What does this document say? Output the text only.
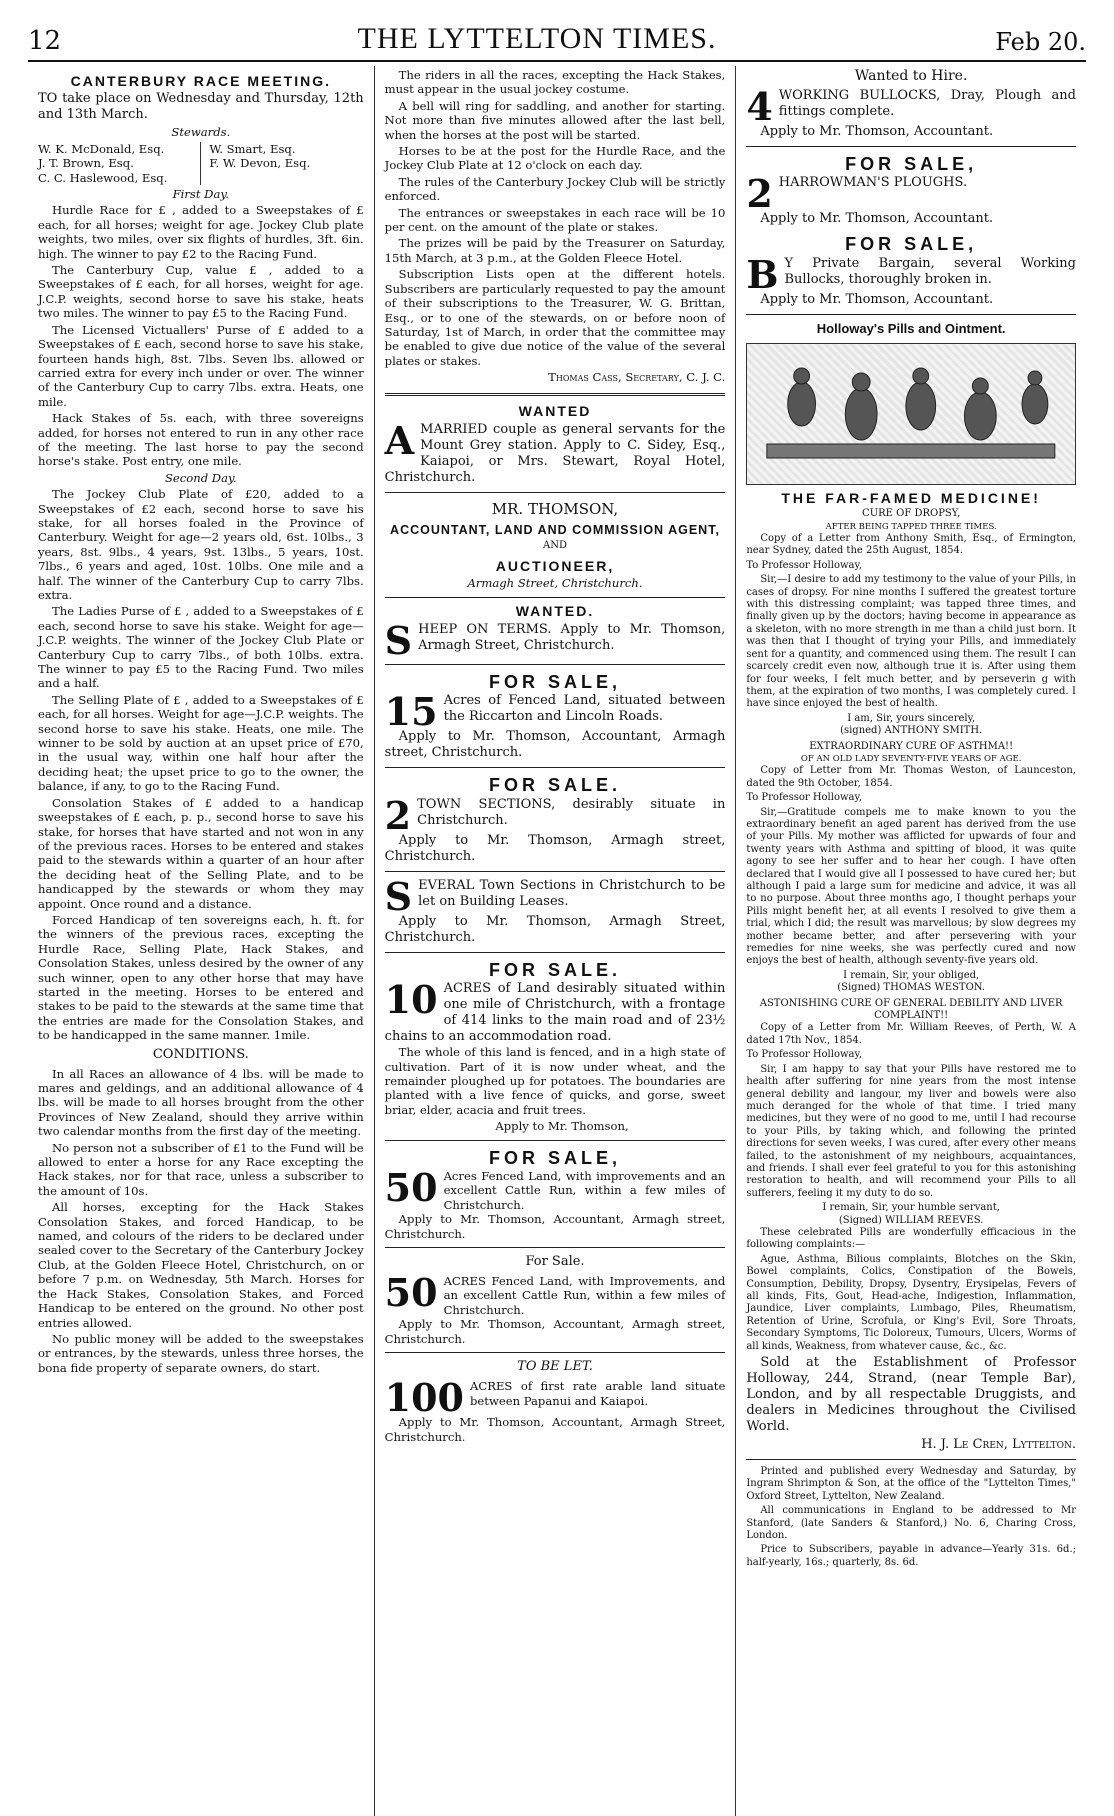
12	THE LYTTELTON TIMES.	Feb 20.
CANTERBURY RACE MEETING.

TO take place on Wednesday and Thursday, 12th and 13th March.

Stewards.
W. K. McDonald, Esq.
J. T. Brown, Esq.
C. C. Haslewood, Esq.
W. Smart, Esq.
F. W. Devon, Esq.
First Day.

Hurdle Race for £ , added to a Sweepstakes of £ each, for all horses; weight for age. Jockey Club plate weights, two miles, over six flights of hurdles, 3ft. 6in. high. The winner to pay £2 to the Racing Fund.

The Canterbury Cup, value £ , added to a Sweepstakes of £ each, for all horses, weight for age. J.C.P. weights, second horse to save his stake, heats two miles. The winner to pay £5 to the Racing Fund.

The Licensed Victuallers' Purse of £ added to a Sweepstakes of £ each, second horse to save his stake, fourteen hands high, 8st. 7lbs. Seven lbs. allowed or carried extra for every inch under or over. The winner of the Canterbury Cup to carry 7lbs. extra. Heats, one mile.

Hack Stakes of 5s. each, with three sovereigns added, for horses not entered to run in any other race of the meeting. The last horse to pay the second horse's stake. Post entry, one mile.

Second Day.

The Jockey Club Plate of £20, added to a Sweepstakes of £2 each, second horse to save his stake, for all horses foaled in the Province of Canterbury. Weight for age—2 years old, 6st. 10lbs., 3 years, 8st. 9lbs., 4 years, 9st. 13lbs., 5 years, 10st. 7lbs., 6 years and aged, 10st. 10lbs. One mile and a half. The winner of the Canterbury Cup to carry 7lbs. extra.

The Ladies Purse of £ , added to a Sweepstakes of £ each, second horse to save his stake. Weight for age—J.C.P. weights. The winner of the Jockey Club Plate or Canterbury Cup to carry 7lbs., of both 10lbs. extra. The winner to pay £5 to the Racing Fund. Two miles and a half.

The Selling Plate of £ , added to a Sweepstakes of £ each, for all horses. Weight for age—J.C.P. weights. The second horse to save his stake. Heats, one mile. The winner to be sold by auction at an upset price of £70, in the usual way, within one half hour after the deciding heat; the upset price to go to the owner, the balance, if any, to go to the Racing Fund.

Consolation Stakes of £ added to a handicap sweepstakes of £ each, p. p., second horse to save his stake, for horses that have started and not won in any of the previous races. Horses to be entered and stakes paid to the stewards within a quarter of an hour after the deciding heat of the Selling Plate, and to be handicapped by the stewards or whom they may appoint. Once round and a distance.

Forced Handicap of ten sovereigns each, h. ft. for the winners of the previous races, excepting the Hurdle Race, Selling Plate, Hack Stakes, and Consolation Stakes, unless desired by the owner of any such winner, open to any other horse that may have started in the meeting. Horses to be entered and stakes to be paid to the stewards at the same time that the entries are made for the Consolation Stakes, and to be handicapped in the same manner. 1mile.

CONDITIONS.

In all Races an allowance of 4 lbs. will be made to mares and geldings, and an additional allowance of 4 lbs. will be made to all horses brought from the other Provinces of New Zealand, should they arrive within two calendar months from the first day of the meeting.

No person not a subscriber of £1 to the Fund will be allowed to enter a horse for any Race excepting the Hack stakes, nor for that race, unless a subscriber to the amount of 10s.

All horses, excepting for the Hack Stakes Consolation Stakes, and forced Handicap, to be named, and colours of the riders to be declared under sealed cover to the Secretary of the Canterbury Jockey Club, at the Golden Fleece Hotel, Christchurch, on or before 7 p.m. on Wednesday, 5th March. Horses for the Hack Stakes, Consolation Stakes, and Forced Handicap to be entered on the ground. No other post entries allowed.

No public money will be added to the sweepstakes or entrances, by the stewards, unless three horses, the bona fide property of separate owners, do start.

The riders in all the races, excepting the Hack Stakes, must appear in the usual jockey costume.

A bell will ring for saddling, and another for starting. Not more than five minutes allowed after the last bell, when the horses at the post will be started.

Horses to be at the post for the Hurdle Race, and the Jockey Club Plate at 12 o'clock on each day.

The rules of the Canterbury Jockey Club will be strictly enforced.

The entrances or sweepstakes in each race will be 10 per cent. on the amount of the plate or stakes.

The prizes will be paid by the Treasurer on Saturday, 15th March, at 3 p.m., at the Golden Fleece Hotel.

Subscription Lists open at the different hotels. Subscribers are particularly requested to pay the amount of their subscriptions to the Treasurer, W. G. Brittan, Esq., or to one of the stewards, on or before noon of Saturday, 1st of March, in order that the committee may be enabled to give due notice of the value of the several plates or stakes.

Thomas Cass, Secretary, C. J. C.
WANTED
A MARRIED couple as general servants for the Mount Grey station. Apply to C. Sidey, Esq., Kaiapoi, or Mrs. Stewart, Royal Hotel, Christchurch.
MR. THOMSON,
ACCOUNTANT, LAND AND COMMISSION AGENT,
AND
AUCTIONEER,
Armagh Street, Christchurch.
WANTED.
S HEEP ON TERMS. Apply to Mr. Thomson, Armagh Street, Christchurch.
FOR SALE,
15 Acres of Fenced Land, situated between the Riccarton and Lincoln Roads.

Apply to Mr. Thomson, Accountant, Armagh street, Christchurch.

FOR SALE.
2 TOWN SECTIONS, desirably situate in Christchurch.

Apply to Mr. Thomson, Armagh street, Christchurch.

S EVERAL Town Sections in Christchurch to be let on Building Leases.

Apply to Mr. Thomson, Armagh Street, Christchurch.

FOR SALE.
10 ACRES of Land desirably situated within one mile of Christchurch, with a frontage of 414 links to the main road and of 23½ chains to an accommodation road.

The whole of this land is fenced, and in a high state of cultivation. Part of it is now under wheat, and the remainder ploughed up for potatoes. The boundaries are planted with a live fence of quicks, and gorse, sweet briar, elder, acacia and fruit trees.

Apply to Mr. Thomson,

FOR SALE,
50 Acres Fenced Land, with improvements and an excellent Cattle Run, within a few miles of Christchurch.

Apply to Mr. Thomson, Accountant, Armagh street, Christchurch.

For Sale.
50 ACRES Fenced Land, with Improvements, and an excellent Cattle Run, within a few miles of Christchurch.

Apply to Mr. Thomson, Accountant, Armagh street, Christchurch.

TO BE LET.
100 ACRES of first rate arable land situate between Papanui and Kaiapoi.

Apply to Mr. Thomson, Accountant, Armagh Street, Christchurch.

Wanted to Hire.
4 WORKING BULLOCKS, Dray, Plough and fittings complete.

Apply to Mr. Thomson, Accountant.

FOR SALE,
2 HARROWMAN'S PLOUGHS.

Apply to Mr. Thomson, Accountant.

FOR SALE,
B Y Private Bargain, several Working Bullocks, thoroughly broken in.

Apply to Mr. Thomson, Accountant.

Holloway's Pills and Ointment.
THE FAR-FAMED MEDICINE!
CURE OF DROPSY,
AFTER BEING TAPPED THREE TIMES.

Copy of a Letter from Anthony Smith, Esq., of Ermington, near Sydney, dated the 25th August, 1854.

To Professor Holloway,

Sir,—I desire to add my testimony to the value of your Pills, in cases of dropsy. For nine months I suffered the greatest torture with this distressing complaint; was tapped three times, and finally given up by the doctors; having become in appearance as a skeleton, with no more strength in me than a child just born. It was then that I thought of trying your Pills, and immediately sent for a quantity, and commenced using them. The result I can scarcely credit even now, although true it is. After using them for four weeks, I felt much better, and by perseverin g with them, at the expiration of two months, I was completely cured. I have since enjoyed the best of health.

I am, Sir, yours sincerely,
(signed) ANTHONY SMITH.
EXTRAORDINARY CURE OF ASTHMA!!
OF AN OLD LADY SEVENTY-FIVE YEARS OF AGE.

Copy of Letter from Mr. Thomas Weston, of Launceston, dated the 9th October, 1854.

To Professor Holloway,

Sir,—Gratitude compels me to make known to you the extraordinary benefit an aged parent has derived from the use of your Pills. My mother was afflicted for upwards of four and twenty years with Asthma and spitting of blood, it was quite agony to see her suffer and to hear her cough. I have often declared that I would give all I possessed to have cured her; but although I paid a large sum for medicine and advice, it was all to no purpose. About three months ago, I thought perhaps your Pills might benefit her, at all events I resolved to give them a trial, which I did; the result was marvellous; by slow degrees my mother became better, and after persevering with your remedies for nine weeks, she was perfectly cured and now enjoys the best of health, although seventy-five years old.

I remain, Sir, your obliged,
(Signed) THOMAS WESTON.
ASTONISHING CURE OF GENERAL DEBILITY AND LIVER COMPLAINT!!

Copy of a Letter from Mr. William Reeves, of Perth, W. A dated 17th Nov., 1854.

To Professor Holloway,

Sir, I am happy to say that your Pills have restored me to health after suffering for nine years from the most intense general debility and langour, my liver and bowels were also much deranged for the whole of that time. I tried many medicines, but they were of no good to me, until I had recourse to your Pills, by taking which, and following the printed directions for seven weeks, I was cured, after every other means failed, to the astonishment of my neighbours, acquaintances, and friends. I shall ever feel grateful to you for this astonishing restoration to health, and will recommend your Pills to all sufferers, feeling it my duty to do so.

I remain, Sir, your humble servant,
(Signed) WILLIAM REEVES.

These celebrated Pills are wonderfully efficacious in the following complaints:—

Ague, Asthma, Bilious complaints, Blotches on the Skin, Bowel complaints, Colics, Constipation of the Bowels, Consumption, Debility, Dropsy, Dysentry, Erysipelas, Fevers of all kinds, Fits, Gout, Head-ache, Indigestion, Inflammation, Jaundice, Liver complaints, Lumbago, Piles, Rheumatism, Retention of Urine, Scrofula, or King's Evil, Sore Throats, Secondary Symptoms, Tic Doloreux, Tumours, Ulcers, Worms of all kinds, Weakness, from whatever cause, &c., &c.

Sold at the Establishment of Professor Holloway, 244, Strand, (near Temple Bar), London, and by all respectable Druggists, and dealers in Medicines throughout the Civilised World.

H. J. Le Cren, Lyttelton.

Printed and published every Wednesday and Saturday, by Ingram Shrimpton & Son, at the office of the "Lyttelton Times," Oxford Street, Lyttelton, New Zealand.

All communications in England to be addressed to Mr Stanford, (late Sanders & Stanford,) No. 6, Charing Cross, London.

Price to Subscribers, payable in advance—Yearly 31s. 6d.; half-yearly, 16s.; quarterly, 8s. 6d.
